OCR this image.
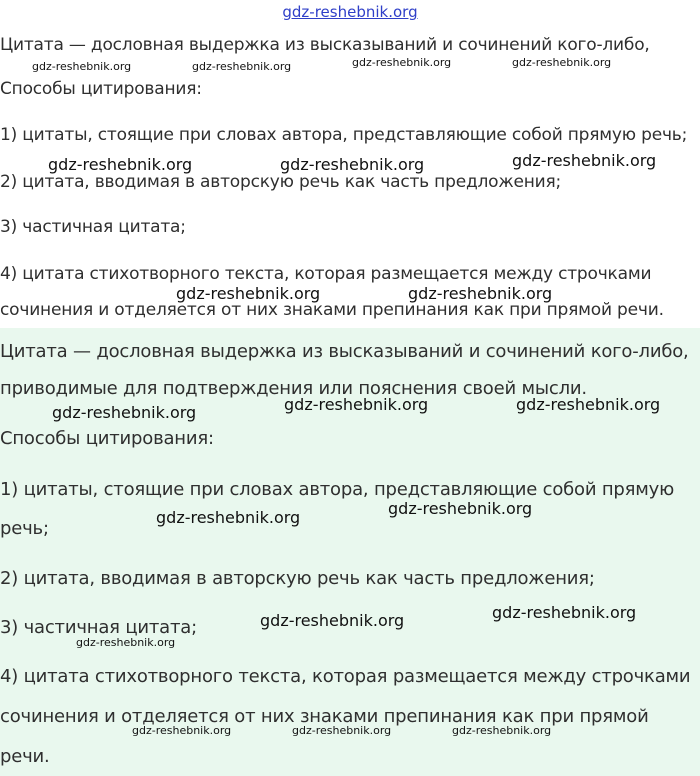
gdz-reshebnik.org

Цитата — дословная выдержка из высказываний и сочинений кого-либо,

Способы цитирования:

1) цитаты, стоящие при словах автора, представляющие собой прямую речь;

2) цитата, вводимая в авторскую речь как часть предложения;

3) частичная цитата;

4) цитата стихотворного текста, которая размещается между строчками

сочинения и отделяется от них знаками препинания как при прямой речи.

gdz-reshebnik.org	gdz-reshebnik.org	gdz-reshebnik.org	gdz-reshebnik.org
gdz-reshebnik.org	gdz-reshebnik.org	gdz-reshebnik.org
gdz-reshebnik.org	gdz-reshebnik.org

Цитата — дословная выдержка из высказываний и сочинений кого-либо,

приводимые для подтверждения или пояснения своей мысли.

Способы цитирования:

1) цитаты, стоящие при словах автора, представляющие собой прямую

речь;

2) цитата, вводимая в авторскую речь как часть предложения;

3) частичная цитата;

4) цитата стихотворного текста, которая размещается между строчками

сочинения и отделяется от них знаками препинания как при прямой

речи.

gdz-reshebnik.org	gdz-reshebnik.org	gdz-reshebnik.org
gdz-reshebnik.org	gdz-reshebnik.org
gdz-reshebnik.org
gdz-reshebnik.org
gdz-reshebnik.org
gdz-reshebnik.org	gdz-reshebnik.org	gdz-reshebnik.org
